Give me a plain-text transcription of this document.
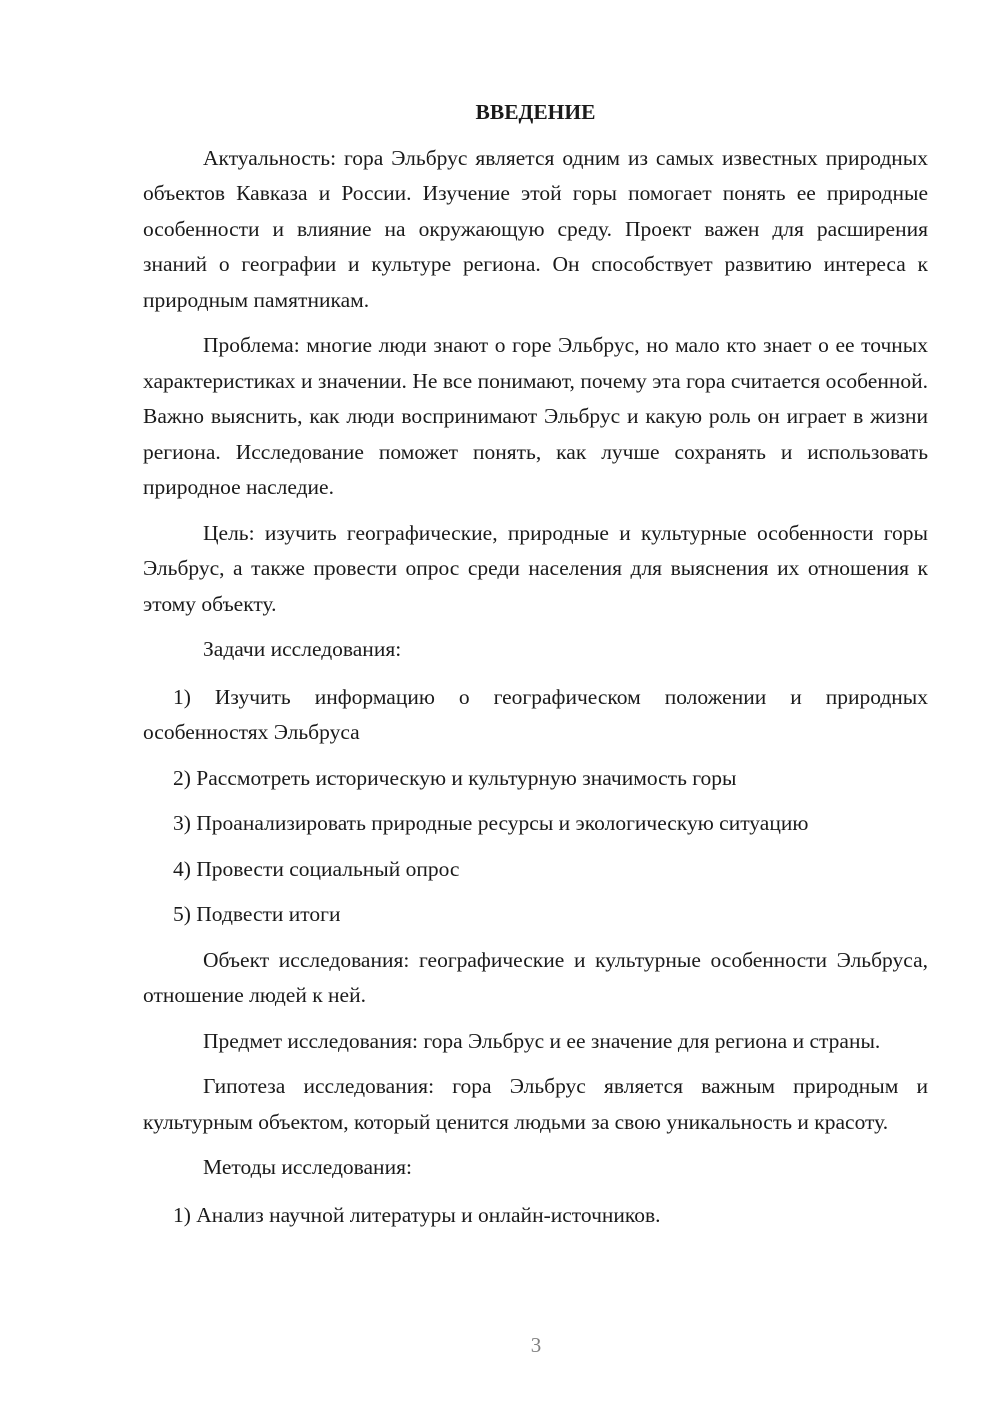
ВВЕДЕНИЕ

Актуальность: гора Эльбрус является одним из самых известных природных объектов Кавказа и России. Изучение этой горы помогает понять ее природные особенности и влияние на окружающую среду. Проект важен для расширения знаний о географии и культуре региона. Он способствует развитию интереса к природным памятникам.

Проблема: многие люди знают о горе Эльбрус, но мало кто знает о ее точных характеристиках и значении. Не все понимают, почему эта гора считается особенной. Важно выяснить, как люди воспринимают Эльбрус и какую роль он играет в жизни региона. Исследование поможет понять, как лучше сохранять и использовать природное наследие.

Цель: изучить географические, природные и культурные особенности горы Эльбрус, а также провести опрос среди населения для выяснения их отношения к этому объекту.

Задачи исследования:

1) Изучить информацию о географическом положении и природных особенностях Эльбруса

2) Рассмотреть историческую и культурную значимость горы

3) Проанализировать природные ресурсы и экологическую ситуацию

4) Провести социальный опрос

5) Подвести итоги

Объект исследования: географические и культурные особенности Эльбруса, отношение людей к ней.

Предмет исследования: гора Эльбрус и ее значение для региона и страны.

Гипотеза исследования: гора Эльбрус является важным природным и культурным объектом, который ценится людьми за свою уникальность и красоту.

Методы исследования:

1) Анализ научной литературы и онлайн-источников.

3
